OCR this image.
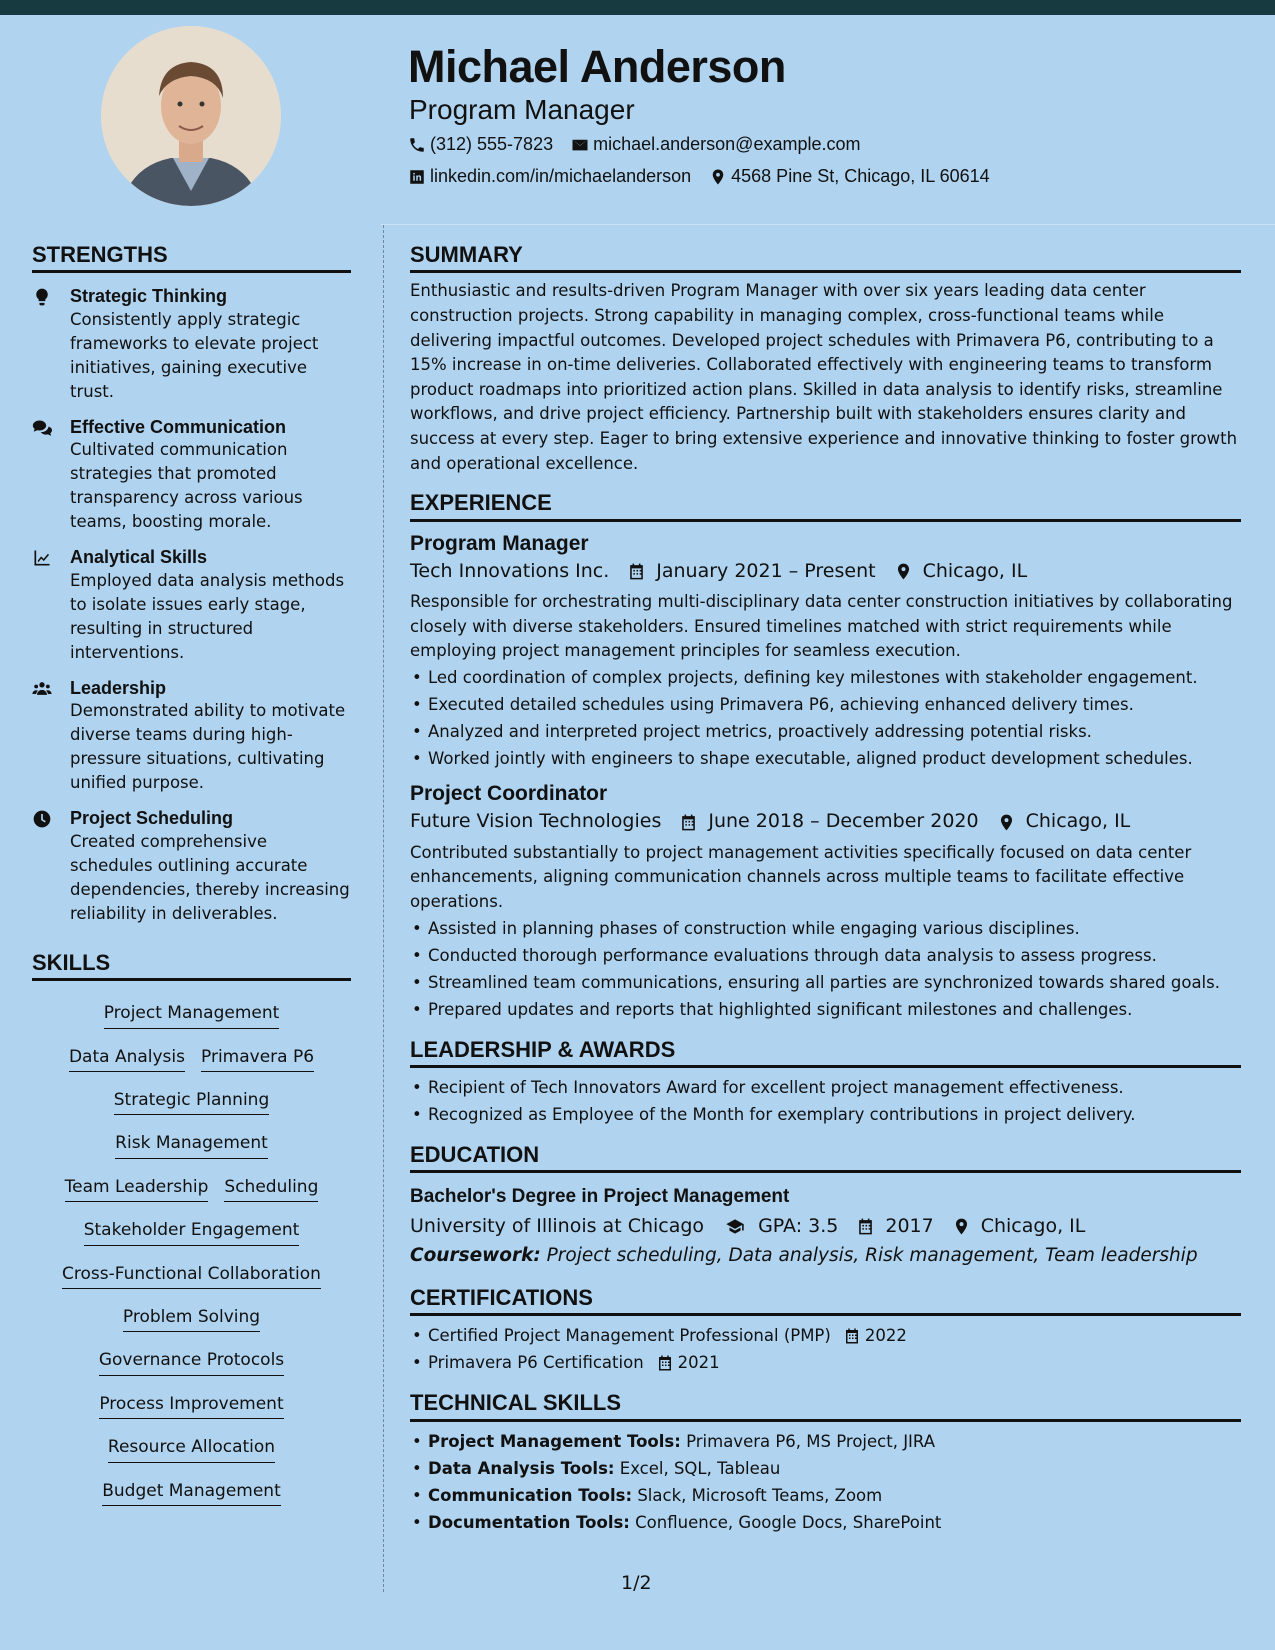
Michael Anderson
Program Manager
(312) 555-7823 michael.anderson@example.com
linkedin.com/in/michaelanderson 4568 Pine St, Chicago, IL 60614
STRENGTHS
Strategic Thinking
Consistently apply strategic frameworks to elevate project initiatives, gaining executive trust.
Effective Communication
Cultivated communication strategies that promoted transparency across various teams, boosting morale.
Analytical Skills
Employed data analysis methods to isolate issues early stage, resulting in structured interventions.
Leadership
Demonstrated ability to motivate diverse teams during high-pressure situations, cultivating unified purpose.
Project Scheduling
Created comprehensive schedules outlining accurate dependencies, thereby increasing reliability in deliverables.
SKILLS
Project Management
Data Analysis Primavera P6
Strategic Planning
Risk Management
Team Leadership Scheduling
Stakeholder Engagement
Cross-Functional Collaboration
Problem Solving
Governance Protocols
Process Improvement
Resource Allocation
Budget Management
SUMMARY
Enthusiastic and results-driven Program Manager with over six years leading data center construction projects. Strong capability in managing complex, cross-functional teams while delivering impactful outcomes. Developed project schedules with Primavera P6, contributing to a 15% increase in on-time deliveries. Collaborated effectively with engineering teams to transform product roadmaps into prioritized action plans. Skilled in data analysis to identify risks, streamline workflows, and drive project efficiency. Partnership built with stakeholders ensures clarity and success at every step. Eager to bring extensive experience and innovative thinking to foster growth and operational excellence.
EXPERIENCE
Program Manager
Tech Innovations Inc. January 2021 – Present Chicago, IL
Responsible for orchestrating multi-disciplinary data center construction initiatives by collaborating closely with diverse stakeholders. Ensured timelines matched with strict requirements while employing project management principles for seamless execution.
• Led coordination of complex projects, defining key milestones with stakeholder engagement.
• Executed detailed schedules using Primavera P6, achieving enhanced delivery times.
• Analyzed and interpreted project metrics, proactively addressing potential risks.
• Worked jointly with engineers to shape executable, aligned product development schedules.
Project Coordinator
Future Vision Technologies June 2018 – December 2020 Chicago, IL
Contributed substantially to project management activities specifically focused on data center enhancements, aligning communication channels across multiple teams to facilitate effective operations.
• Assisted in planning phases of construction while engaging various disciplines.
• Conducted thorough performance evaluations through data analysis to assess progress.
• Streamlined team communications, ensuring all parties are synchronized towards shared goals.
• Prepared updates and reports that highlighted significant milestones and challenges.
LEADERSHIP & AWARDS
• Recipient of Tech Innovators Award for excellent project management effectiveness.
• Recognized as Employee of the Month for exemplary contributions in project delivery.
EDUCATION
Bachelor's Degree in Project Management
University of Illinois at Chicago	GPA: 3.5 2017 Chicago, IL
Coursework: Project scheduling, Data analysis, Risk management, Team leadership
CERTIFICATIONS
• Certified Project Management Professional (PMP) 2022
• Primavera P6 Certification 2021
TECHNICAL SKILLS
• Project Management Tools: Primavera P6, MS Project, JIRA
• Data Analysis Tools: Excel, SQL, Tableau
• Communication Tools: Slack, Microsoft Teams, Zoom
• Documentation Tools: Confluence, Google Docs, SharePoint
1/2
